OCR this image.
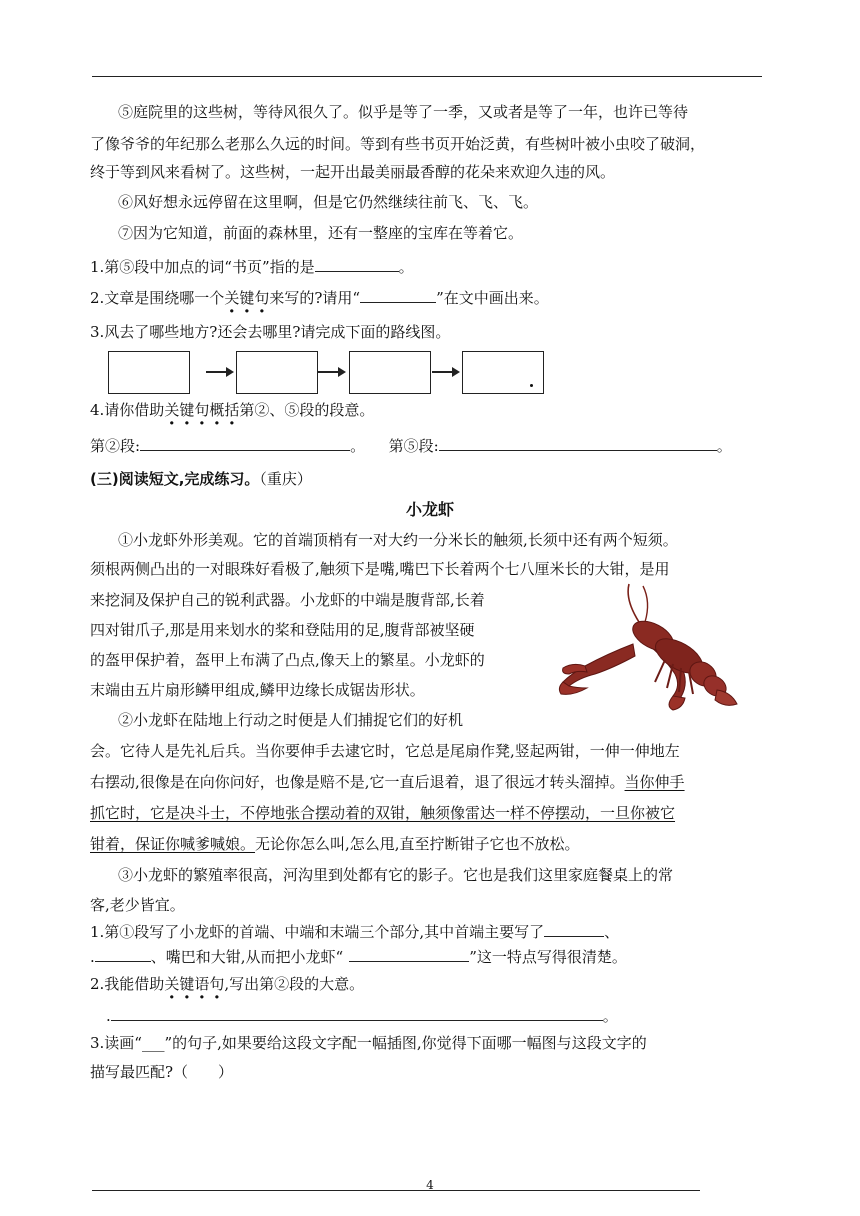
⑤庭院里的这些树，等待风很久了。似乎是等了一季，又或者是等了一年，也许已等待
了像爷爷的年纪那么老那么久远的时间。等到有些书页开始泛黄，有些树叶被小虫咬了破洞，
终于等到风来看树了。这些树，一起开出最美丽最香醇的花朵来欢迎久违的风。
⑥风好想永远停留在这里啊，但是它仍然继续往前飞、飞、飞。
⑦因为它知道，前面的森林里，还有一整座的宝库在等着它。
1.第⑤段中加点的词“书页”指的是	。
2.文章是围绕哪一个关键句来写的?请用“	”在文中画出来。
3.风去了哪些地方?还会去哪里?请完成下面的路线图。
4.请你借助关键句概括第②、⑤段的段意。
第②段:	。 第⑤段:	。
(三)阅读短文,完成练习。（重庆）
小龙虾
①小龙虾外形美观。它的首端顶梢有一对大约一分米长的触须,长须中还有两个短须。
须根两侧凸出的一对眼珠好看极了,触须下是嘴,嘴巴下长着两个七八厘米长的大钳，是用
来挖洞及保护自己的锐利武器。小龙虾的中端是腹背部,长着
四对钳爪子,那是用来划水的桨和登陆用的足,腹背部被坚硬
的盔甲保护着，盔甲上布满了凸点,像天上的繁星。小龙虾的
末端由五片扇形鳞甲组成,鳞甲边缘长成锯齿形状。
②小龙虾在陆地上行动之时便是人们捕捉它们的好机
会。它待人是先礼后兵。当你要伸手去逮它时，它总是尾扇作凳,竖起两钳，一伸一伸地左
右摆动,很像是在向你问好，也像是赔不是,它一直后退着，退了很远才转头溜掉。当你伸手
抓它时，它是决斗士，不停地张合摆动着的双钳，触须像雷达一样不停摆动，一旦你被它
钳着，保证你喊爹喊娘。无论你怎么叫,怎么甩,直至拧断钳子它也不放松。
③小龙虾的繁殖率很高，河沟里到处都有它的影子。它也是我们这里家庭餐桌上的常
客,老少皆宜。
1.第①段写了小龙虾的首端、中端和末端三个部分,其中首端主要写了	、
.	、嘴巴和大钳,从而把小龙虾“	”这一特点写得很清楚。
2.我能借助关键语句,写出第②段的大意。
.	。
3.读画“___”的句子,如果要给这段文字配一幅插图,你觉得下面哪一幅图与这段文字的
描写最匹配?（　　）
4
